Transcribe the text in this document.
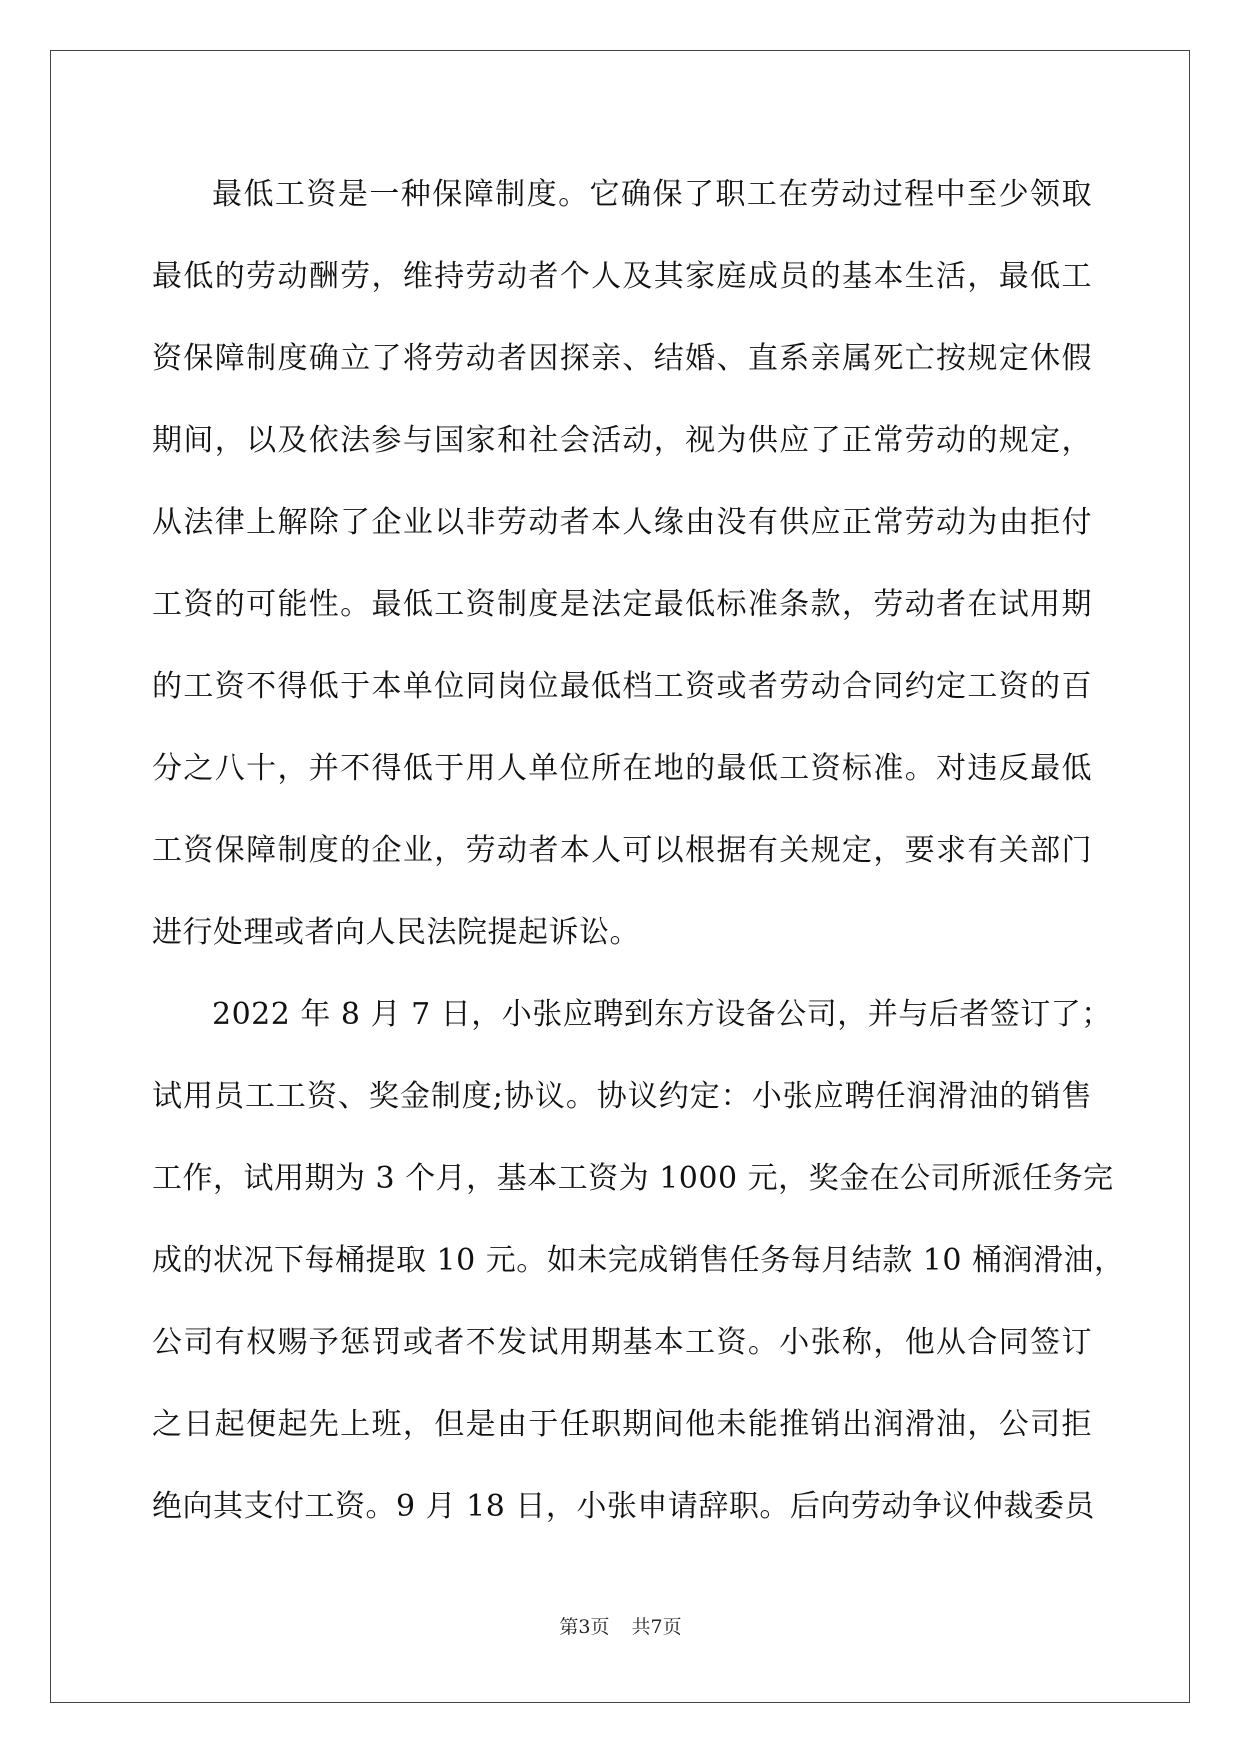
最低工资是一种保障制度。它确保了职工在劳动过程中至少领取
最低的劳动酬劳，维持劳动者个人及其家庭成员的基本生活，最低工
资保障制度确立了将劳动者因探亲、结婚、直系亲属死亡按规定休假
期间，以及依法参与国家和社会活动，视为供应了正常劳动的规定，
从法律上解除了企业以非劳动者本人缘由没有供应正常劳动为由拒付
工资的可能性。最低工资制度是法定最低标准条款，劳动者在试用期
的工资不得低于本单位同岗位最低档工资或者劳动合同约定工资的百
分之八十，并不得低于用人单位所在地的最低工资标准。对违反最低
工资保障制度的企业，劳动者本人可以根据有关规定，要求有关部门
进行处理或者向人民法院提起诉讼。
2022 年 8 月 7 日，小张应聘到东方设备公司，并与后者签订了；
试用员工工资、奖金制度;协议。协议约定：小张应聘任润滑油的销售
工作，试用期为 3 个月，基本工资为 1000 元，奖金在公司所派任务完
成的状况下每桶提取 10 元。如未完成销售任务每月结款 10 桶润滑油，
公司有权赐予惩罚或者不发试用期基本工资。小张称，他从合同签订
之日起便起先上班，但是由于任职期间他未能推销出润滑油，公司拒
绝向其支付工资。9 月 18 日，小张申请辞职。后向劳动争议仲裁委员
第3页 共7页
